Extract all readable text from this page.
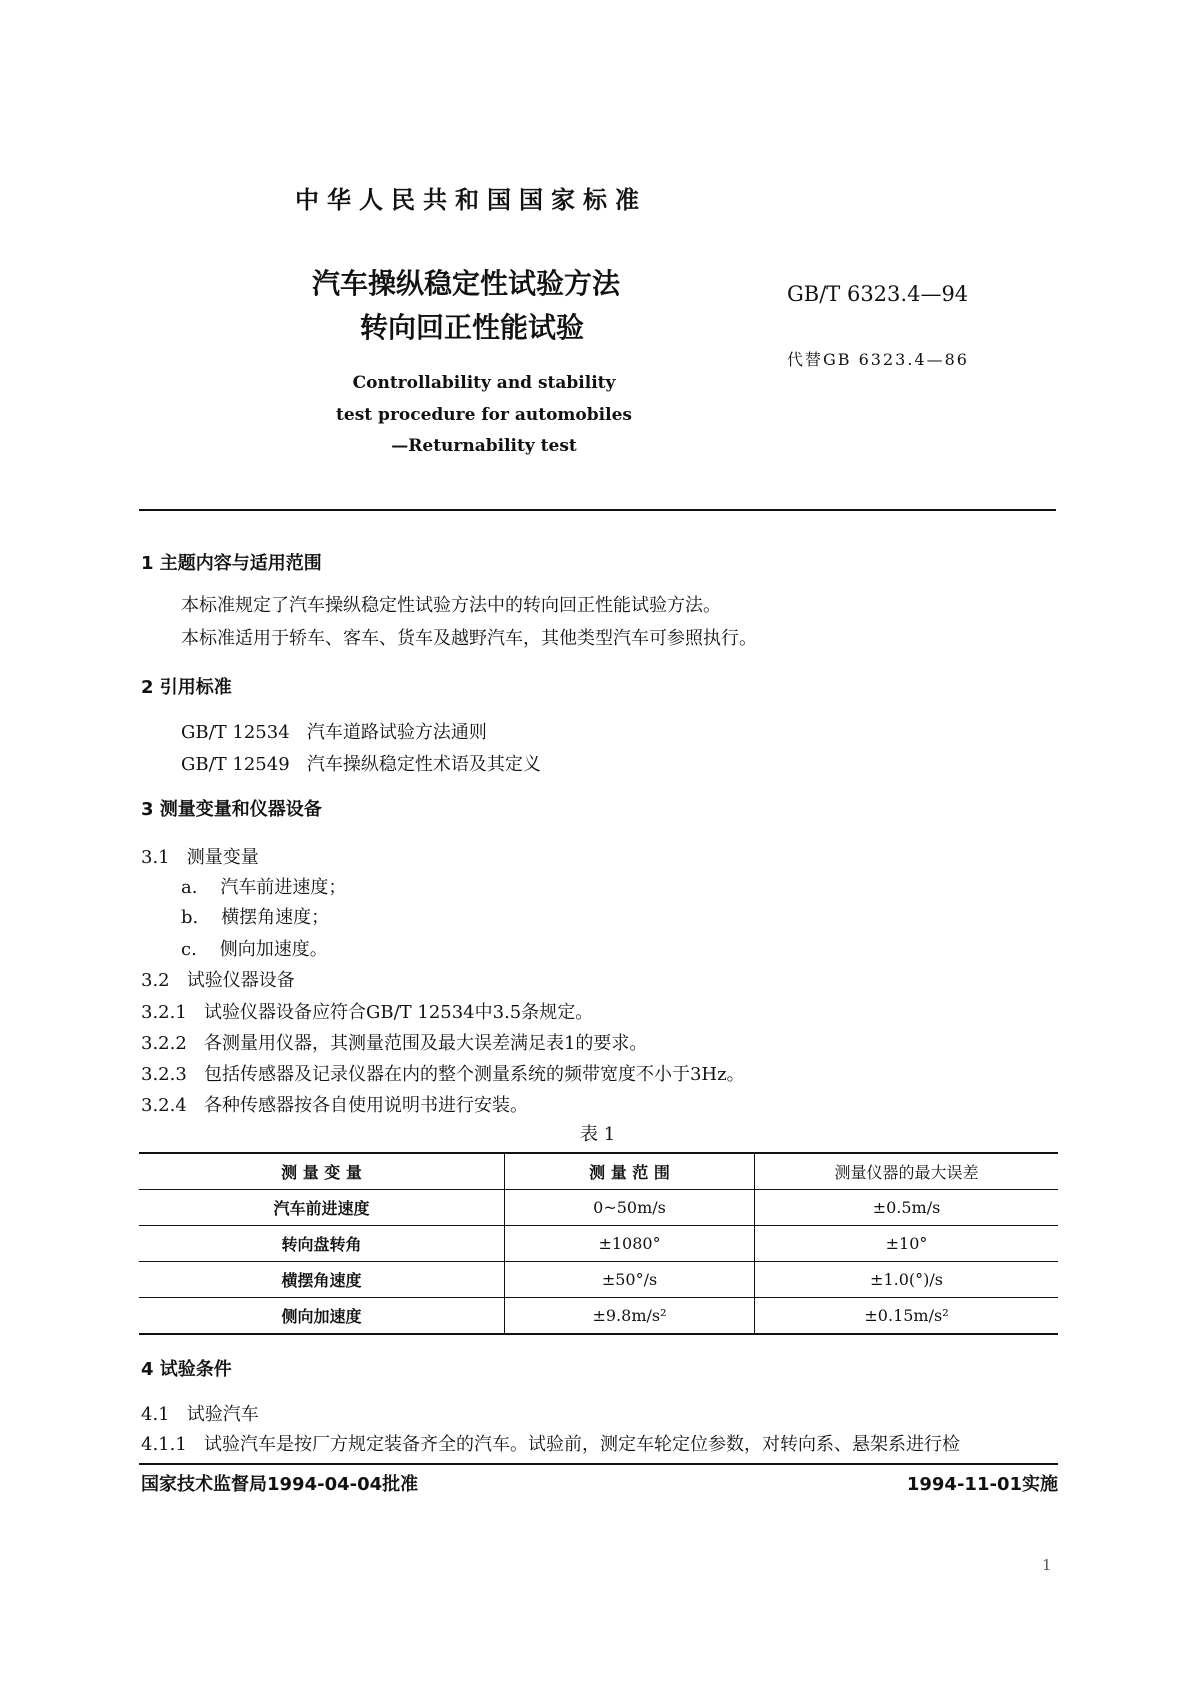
中华人民共和国国家标准
汽车操纵稳定性试验方法
转向回正性能试验
GB/T 6323.4—94
代替GB 6323.4—86
Controllability and stability
test procedure for automobiles
—Returnability test
1 主题内容与适用范围
本标准规定了汽车操纵稳定性试验方法中的转向回正性能试验方法。
本标准适用于轿车、客车、货车及越野汽车，其他类型汽车可参照执行。
2 引用标准
GB/T 12534   汽车道路试验方法通则
GB/T 12549   汽车操纵稳定性术语及其定义
3 测量变量和仪器设备
3.1   测量变量
a.    汽车前进速度；
b.    横摆角速度；
c.    侧向加速度。
3.2   试验仪器设备
3.2.1   试验仪器设备应符合GB/T 12534中3.5条规定。
3.2.2   各测量用仪器，其测量范围及最大误差满足表1的要求。
3.2.3   包括传感器及记录仪器在内的整个测量系统的频带宽度不小于3Hz。
3.2.4   各种传感器按各自使用说明书进行安装。
表 1
测 量 变 量	测 量 范 围	测量仪器的最大误差
汽车前进速度	0~50m/s	±0.5m/s
转向盘转角	±1080°	±10°
横摆角速度	±50°/s	±1.0(°)/s
侧向加速度	±9.8m/s²	±0.15m/s²
4 试验条件
4.1   试验汽车
4.1.1   试验汽车是按厂方规定装备齐全的汽车。试验前，测定车轮定位参数，对转向系、悬架系进行检
国家技术监督局1994-04-04批准	1994-11-01实施
1
